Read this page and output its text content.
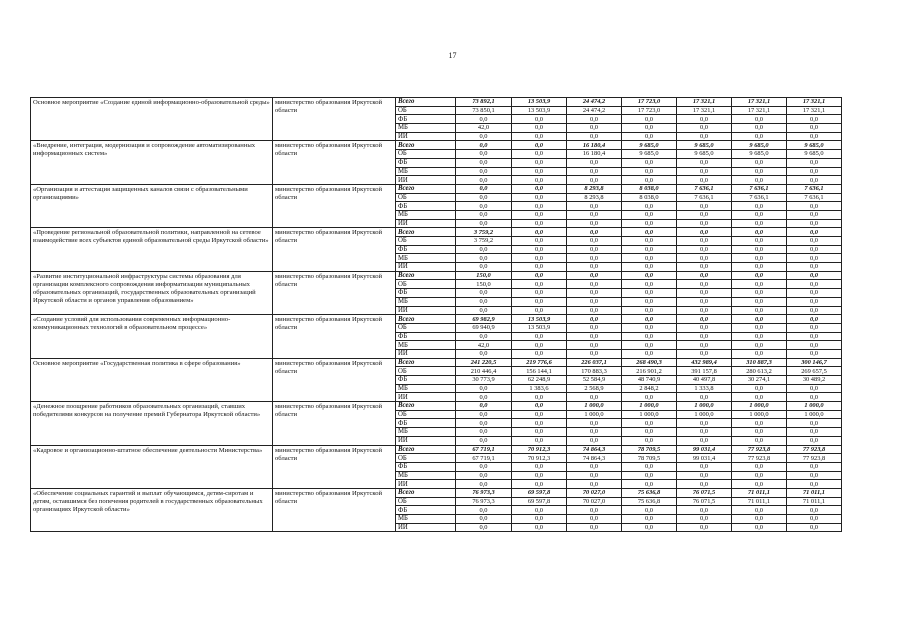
17
Основное мероприятие «Создание единой информационно-образовательной среды»	министерство образования Иркутской области	Всего	73 892,1	13 503,9	24 474,2	17 723,0	17 321,1	17 321,1	17 321,1
		ОБ	73 850,1	13 503,9	24 474,2	17 723,0	17 321,1	17 321,1	17 321,1
		ФБ	0,0	0,0	0,0	0,0	0,0	0,0	0,0
		МБ	42,0	0,0	0,0	0,0	0,0	0,0	0,0
		ИИ	0,0	0,0	0,0	0,0	0,0	0,0	0,0
«Внедрение, интеграция, модернизация и сопровождение автоматизированных информационных систем»	министерство образования Иркутской области	Всего	0,0	0,0	16 180,4	9 685,0	9 685,0	9 685,0	9 685,0
		ОБ	0,0	0,0	16 180,4	9 685,0	9 685,0	9 685,0	9 685,0
		ФБ	0,0	0,0	0,0	0,0	0,0	0,0	0,0
		МБ	0,0	0,0	0,0	0,0	0,0	0,0	0,0
		ИИ	0,0	0,0	0,0	0,0	0,0	0,0	0,0
«Организация и аттестация защищенных каналов связи с образовательными организациями»	министерство образования Иркутской области	Всего	0,0	0,0	8 293,8	8 038,0	7 636,1	7 636,1	7 636,1
		ОБ	0,0	0,0	8 293,8	8 038,0	7 636,1	7 636,1	7 636,1
		ФБ	0,0	0,0	0,0	0,0	0,0	0,0	0,0
		МБ	0,0	0,0	0,0	0,0	0,0	0,0	0,0
		ИИ	0,0	0,0	0,0	0,0	0,0	0,0	0,0
«Проведение региональной образовательной политики, направленной на сетевое взаимодействие всех субъектов единой образовательной среды Иркутской области»	министерство образования Иркутской области	Всего	3 759,2	0,0	0,0	0,0	0,0	0,0	0,0
		ОБ	3 759,2	0,0	0,0	0,0	0,0	0,0	0,0
		ФБ	0,0	0,0	0,0	0,0	0,0	0,0	0,0
		МБ	0,0	0,0	0,0	0,0	0,0	0,0	0,0
		ИИ	0,0	0,0	0,0	0,0	0,0	0,0	0,0
«Развитие институциональной инфраструктуры системы образования для организации комплексного сопровождения информатизации муниципальных образовательных организаций, государственных образовательных организаций Иркутской области и органов управления образованием»	министерство образования Иркутской области	Всего	150,0	0,0	0,0	0,0	0,0	0,0	0,0
		ОБ	150,0	0,0	0,0	0,0	0,0	0,0	0,0
		ФБ	0,0	0,0	0,0	0,0	0,0	0,0	0,0
		МБ	0,0	0,0	0,0	0,0	0,0	0,0	0,0
		ИИ	0,0	0,0	0,0	0,0	0,0	0,0	0,0
«Создание условий для использования современных информационно-коммуникационных технологий в образовательном процессе»	министерство образования Иркутской области	Всего	69 982,9	13 503,9	0,0	0,0	0,0	0,0	0,0
		ОБ	69 940,9	13 503,9	0,0	0,0	0,0	0,0	0,0
		ФБ	0,0	0,0	0,0	0,0	0,0	0,0	0,0
		МБ	42,0	0,0	0,0	0,0	0,0	0,0	0,0
		ИИ	0,0	0,0	0,0	0,0	0,0	0,0	0,0
Основное мероприятие «Государственная политика в сфере образования»	министерство образования Иркутской области	Всего	241 220,5	219 776,6	226 037,1	268 490,3	432 989,4	310 887,3	300 146,7
		ОБ	210 446,4	156 144,1	170 883,3	216 901,2	391 157,8	280 613,2	269 657,5
		ФБ	30 773,9	62 248,9	52 584,9	48 740,9	40 497,8	30 274,1	30 489,2
		МБ	0,0	1 383,6	2 568,9	2 848,2	1 333,8	0,0	0,0
		ИИ	0,0	0,0	0,0	0,0	0,0	0,0	0,0
«Денежное поощрение работников образовательных организаций, ставших победителями конкурсов на получение премий Губернатора Иркутской области»	министерство образования Иркутской области	Всего	0,0	0,0	1 000,0	1 000,0	1 000,0	1 000,0	1 000,0
		ОБ	0,0	0,0	1 000,0	1 000,0	1 000,0	1 000,0	1 000,0
		ФБ	0,0	0,0	0,0	0,0	0,0	0,0	0,0
		МБ	0,0	0,0	0,0	0,0	0,0	0,0	0,0
		ИИ	0,0	0,0	0,0	0,0	0,0	0,0	0,0
«Кадровое и организационно-штатное обеспечение деятельности Министерства»	министерство образования Иркутской области	Всего	67 719,1	70 912,3	74 864,3	78 709,5	99 031,4	77 923,8	77 923,8
		ОБ	67 719,1	70 912,3	74 864,3	78 709,5	99 031,4	77 923,8	77 923,8
		ФБ	0,0	0,0	0,0	0,0	0,0	0,0	0,0
		МБ	0,0	0,0	0,0	0,0	0,0	0,0	0,0
		ИИ	0,0	0,0	0,0	0,0	0,0	0,0	0,0
«Обеспечение социальных гарантий и выплат обучающимся, детям-сиротам и детям, оставшимся без попечения родителей в государственных образовательных организациях Иркутской области»	министерство образования Иркутской области	Всего	76 973,3	69 597,8	70 027,0	75 636,8	76 071,5	71 011,1	71 011,1
		ОБ	76 973,3	69 597,8	70 027,0	75 636,8	76 071,5	71 011,1	71 011,1
		ФБ	0,0	0,0	0,0	0,0	0,0	0,0	0,0
		МБ	0,0	0,0	0,0	0,0	0,0	0,0	0,0
		ИИ	0,0	0,0	0,0	0,0	0,0	0,0	0,0
